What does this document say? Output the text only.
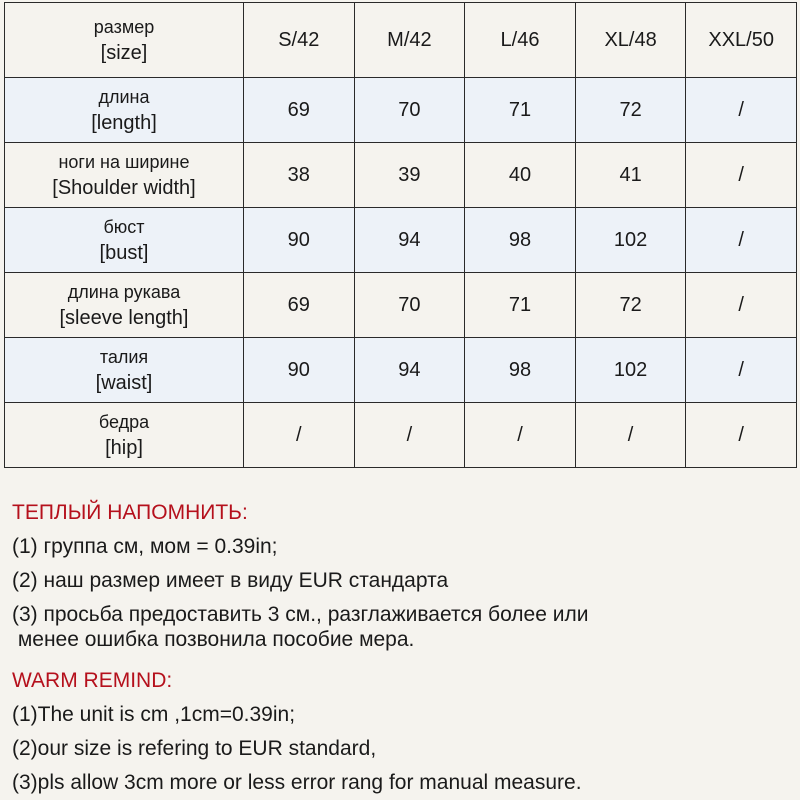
размер
[size]	S/42	M/42	L/46	XL/48	XXL/50

длина
[length]	69	70	71	72	/

ноги на ширине
[Shoulder width]	38	39	40	41	/

бюст
[bust]	90	94	98	102	/

длина рукава
[sleeve length]	69	70	71	72	/

талия
[waist]	90	94	98	102	/

бедра
[hip]	/	/	/	/	/

ТЕПЛЫЙ НАПОМНИТЬ:

(1) группа см, мом = 0.39in;

(2) наш размер имеет в виду EUR стандарта

(3) просьба предоставить 3 см., разглаживается более или

менее ошибка позвонила пособие мера.

WARM REMIND:

(1)The unit is cm ,1cm=0.39in;

(2)our size is refering to EUR standard,

(3)pls allow 3cm more or less error rang for manual measure.
